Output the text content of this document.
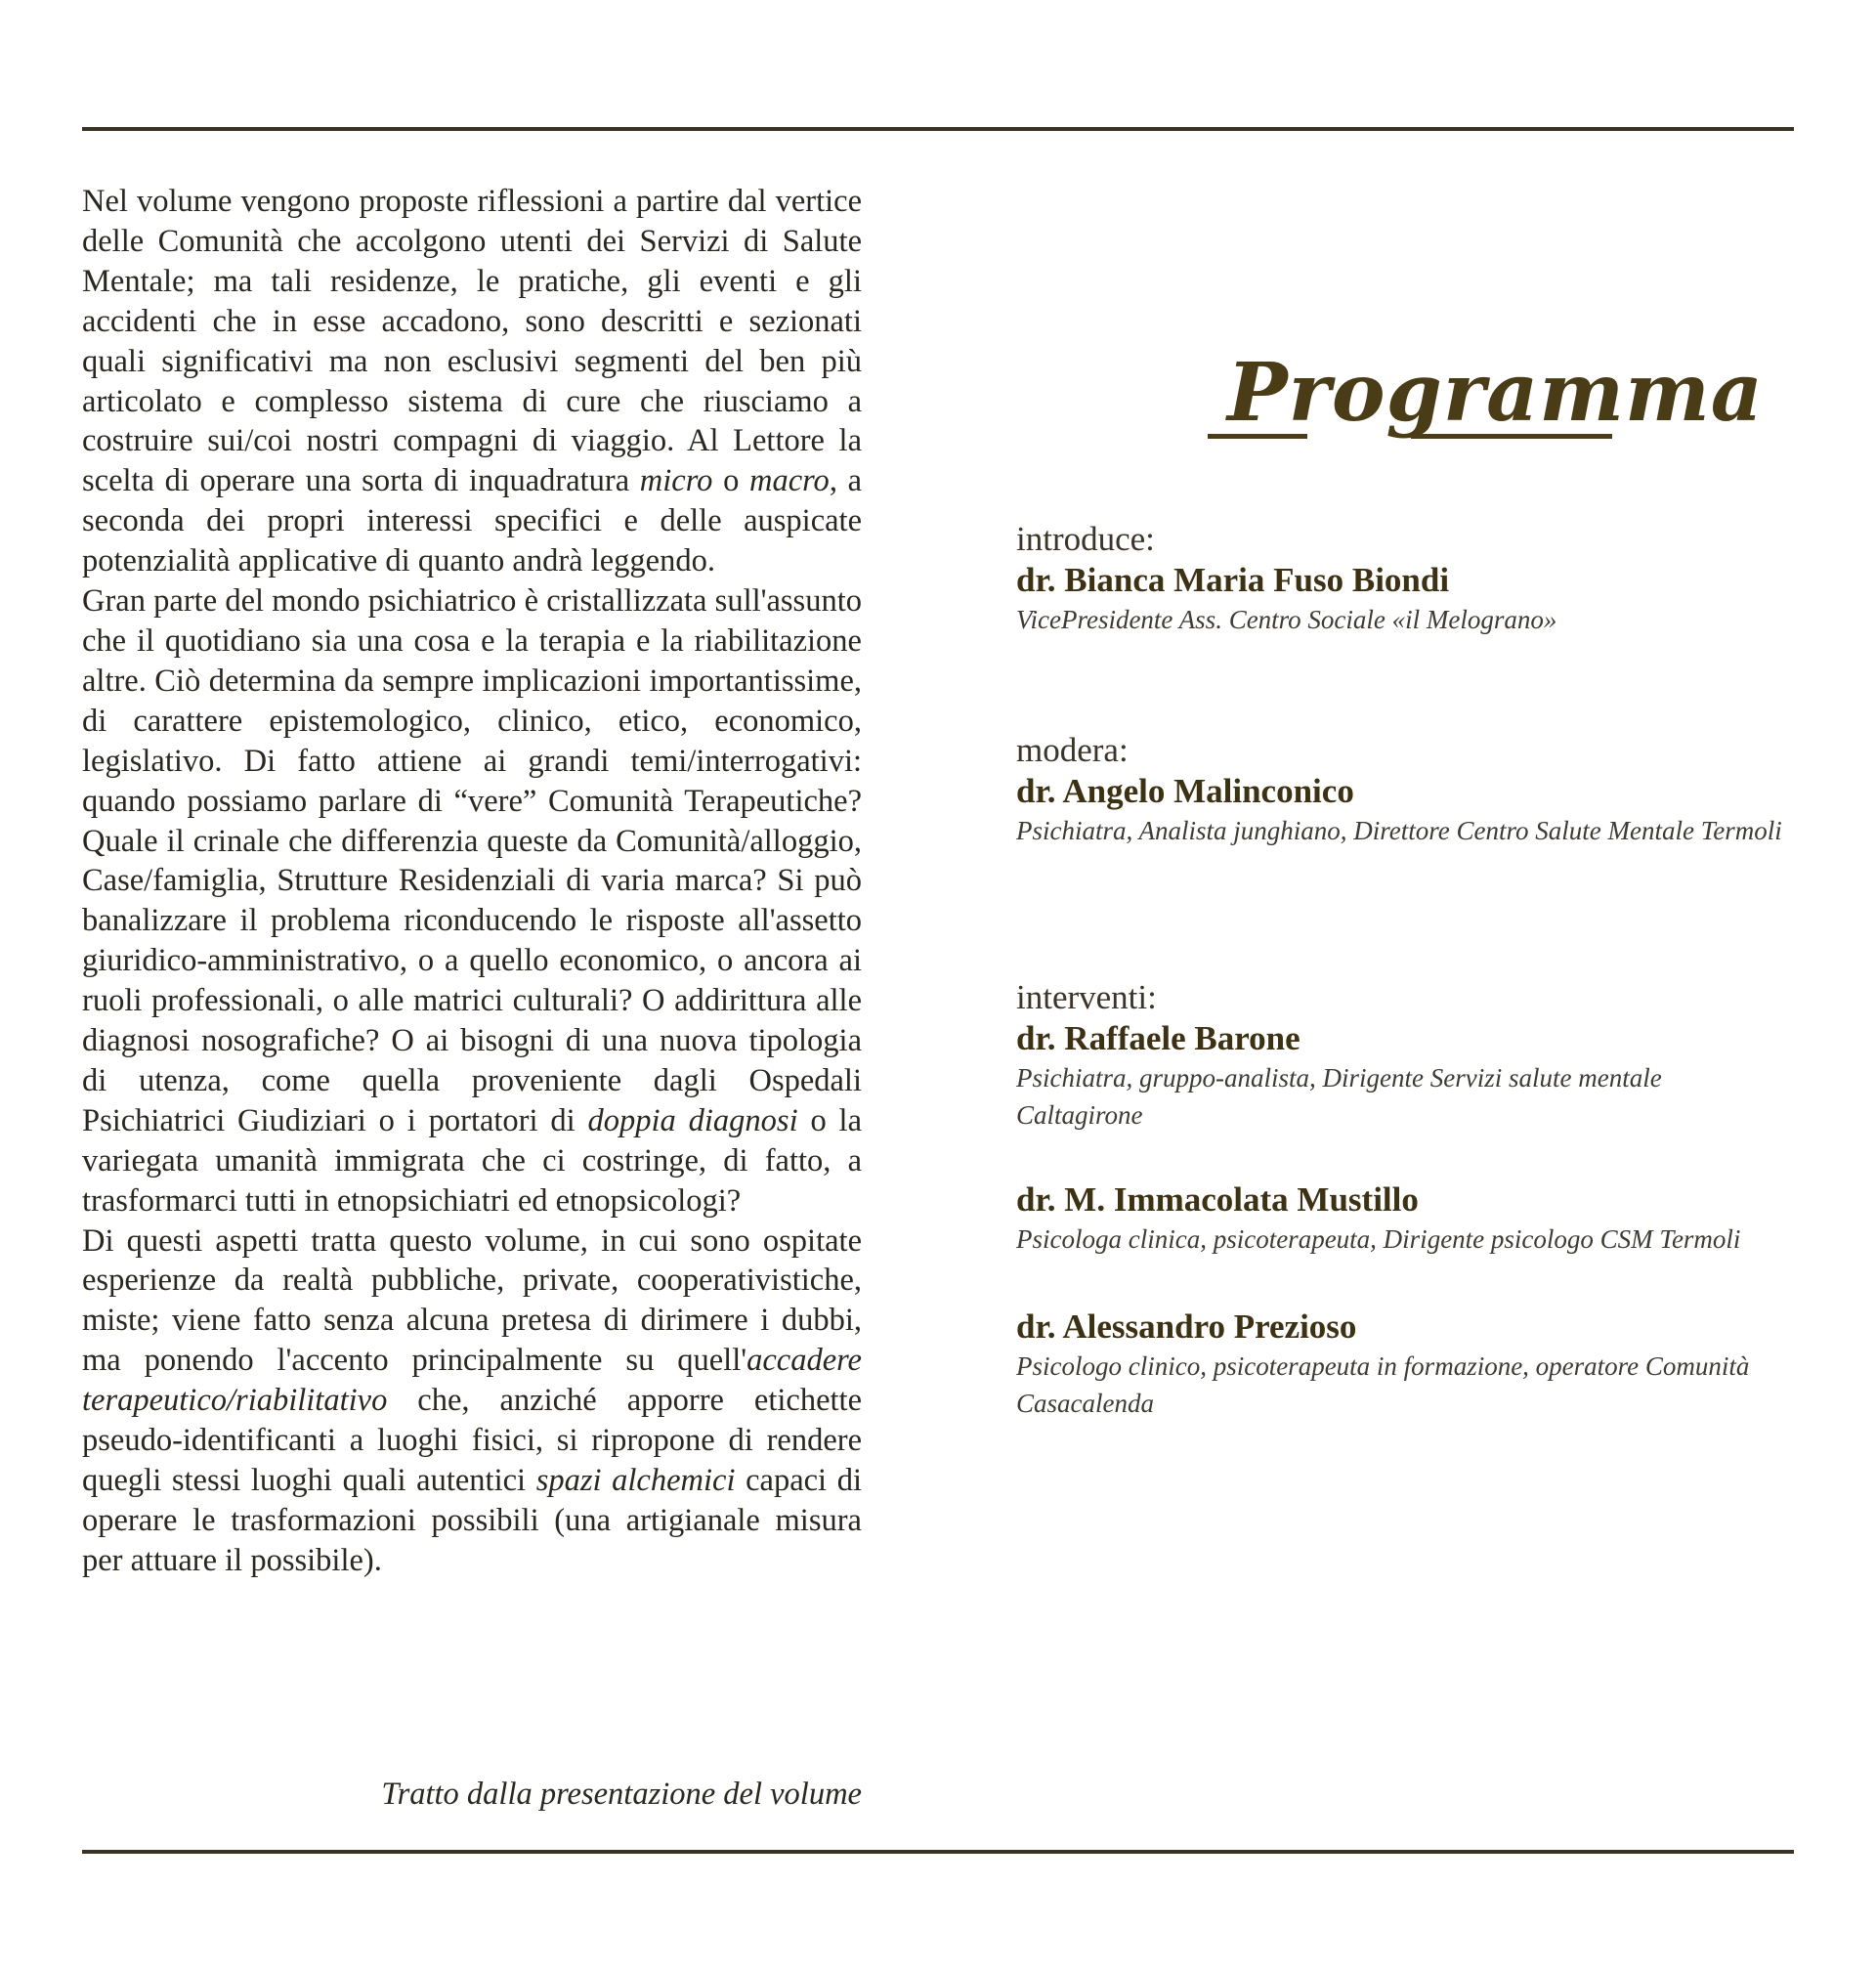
Nel volume vengono proposte riflessioni a partire dal vertice delle Comunità che accolgono utenti dei Servizi di Salute Mentale; ma tali residenze, le pratiche, gli eventi e gli accidenti che in esse accadono, sono descritti e sezionati quali significativi ma non esclusivi segmenti del ben più articolato e complesso sistema di cure che riusciamo a costruire sui/coi nostri compagni di viaggio. Al Lettore la scelta di operare una sorta di inquadratura micro o macro, a seconda dei propri interessi specifici e delle auspicate potenzialità applicative di quanto andrà leggendo.

Gran parte del mondo psichiatrico è cristallizzata sull'assunto che il quotidiano sia una cosa e la terapia e la riabilitazione altre. Ciò determina da sempre implicazioni importantissime, di carattere epistemologico, clinico, etico, economico, legislativo. Di fatto attiene ai grandi temi/interrogativi: quando possiamo parlare di “vere” Comunità Terapeutiche? Quale il crinale che differenzia queste da Comunità/alloggio, Case/famiglia, Strutture Residenziali di varia marca? Si può banalizzare il problema riconducendo le risposte all'assetto giuridico-amministrativo, o a quello economico, o ancora ai ruoli professionali, o alle matrici culturali? O addirittura alle diagnosi nosografiche? O ai bisogni di una nuova tipologia di utenza, come quella proveniente dagli Ospedali Psichiatrici Giudiziari o i portatori di doppia diagnosi o la variegata umanità immigrata che ci costringe, di fatto, a trasformarci tutti in etnopsichiatri ed etnopsicologi?

Di questi aspetti tratta questo volume, in cui sono ospitate esperienze da realtà pubbliche, private, cooperativistiche, miste; viene fatto senza alcuna pretesa di dirimere i dubbi, ma ponendo l'accento principalmente su quell'accadere terapeutico/riabilitativo che, anziché apporre etichette pseudo-identificanti a luoghi fisici, si ripropone di rendere quegli stessi luoghi quali autentici spazi alchemici capaci di operare le trasformazioni possibili (una artigianale misura per attuare il possibile).

Tratto dalla presentazione del volume
Programma
introduce:
dr. Bianca Maria Fuso Biondi
VicePresidente Ass. Centro Sociale «il Melograno»
modera:
dr. Angelo Malinconico
Psichiatra, Analista junghiano, Direttore Centro Salute Mentale Termoli
interventi:
dr. Raffaele Barone
Psichiatra, gruppo-analista, Dirigente Servizi salute mentale Caltagirone
dr. M. Immacolata Mustillo
Psicologa clinica, psicoterapeuta, Dirigente psicologo CSM Termoli
dr. Alessandro Prezioso
Psicologo clinico, psicoterapeuta in formazione, operatore Comunità Casacalenda
